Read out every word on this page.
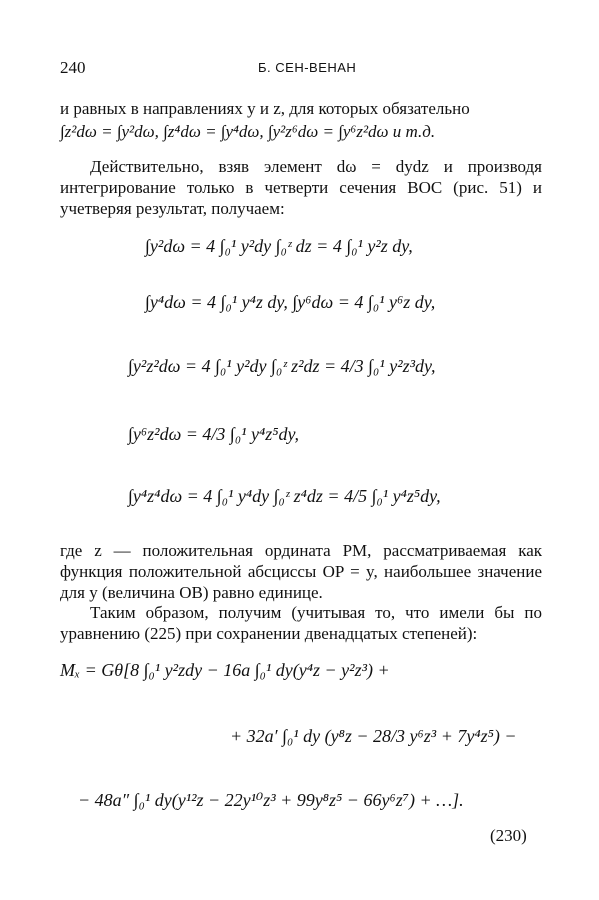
240	Б. СЕН-ВЕНАН
и равных в направлениях y и z, для которых обязательно
∫z²dω = ∫y²dω, ∫z⁴dω = ∫y⁴dω, ∫y²z⁶dω = ∫y⁶z²dω и т.д.
Действительно, взяв элемент dω = dydz и производя интегрирование только в четверти сечения BOC (рис. 51) и учетверяя результат, получаем:
∫y²dω = 4 ∫₀¹ y²dy ∫₀ᶻ dz = 4 ∫₀¹ y²z dy,
∫y⁴dω = 4 ∫₀¹ y⁴z dy, ∫y⁶dω = 4 ∫₀¹ y⁶z dy,
∫y²z²dω = 4 ∫₀¹ y²dy ∫₀ᶻ z²dz = 4/3 ∫₀¹ y²z³dy,
∫y⁶z²dω = 4/3 ∫₀¹ y⁴z⁵dy,
∫y⁴z⁴dω = 4 ∫₀¹ y⁴dy ∫₀ᶻ z⁴dz = 4/5 ∫₀¹ y⁴z⁵dy,
где z — положительная ордината PM, рассматриваемая как функция положительной абсциссы OP = y, наибольшее значение для y (величина OB) равно единице.
Таким образом, получим (учитывая то, что имели бы по уравнению (225) при сохранении двенадцатых степеней):
Mₓ = Gθ[8 ∫₀¹ y²zdy − 16a ∫₀¹ dy(y⁴z − y²z³) +
+ 32a′ ∫₀¹ dy (y⁸z − 28/3 y⁶z³ + 7y⁴z⁵) −
− 48a″ ∫₀¹ dy(y¹²z − 22y¹⁰z³ + 99y⁸z⁵ − 66y⁶z⁷) + …].
(230)
